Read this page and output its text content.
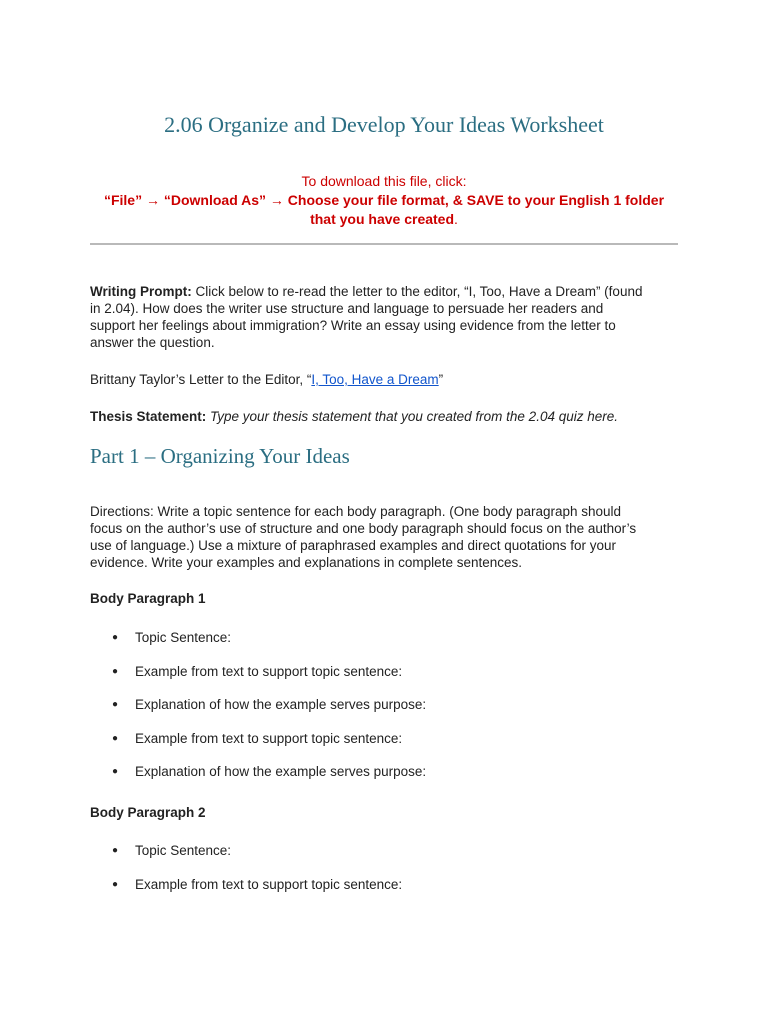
2.06 Organize and Develop Your Ideas Worksheet
To download this file, click:
“File” → “Download As” → Choose your file format, & SAVE to your English 1 folder that you have created.

Writing Prompt: Click below to re-read the letter to the editor, “I, Too, Have a Dream” (found in 2.04). How does the writer use structure and language to persuade her readers and support her feelings about immigration? Write an essay using evidence from the letter to answer the question.

Brittany Taylor’s Letter to the Editor, “I, Too, Have a Dream”

Thesis Statement: Type your thesis statement that you created from the 2.04 quiz here.

Part 1 – Organizing Your Ideas

Directions: Write a topic sentence for each body paragraph. (One body paragraph should focus on the author’s use of structure and one body paragraph should focus on the author’s use of language.) Use a mixture of paraphrased examples and direct quotations for your evidence. Write your examples and explanations in complete sentences.

Body Paragraph 1

● Topic Sentence:
● Example from text to support topic sentence:
● Explanation of how the example serves purpose:
● Example from text to support topic sentence:
● Explanation of how the example serves purpose:

Body Paragraph 2

● Topic Sentence:
● Example from text to support topic sentence:
